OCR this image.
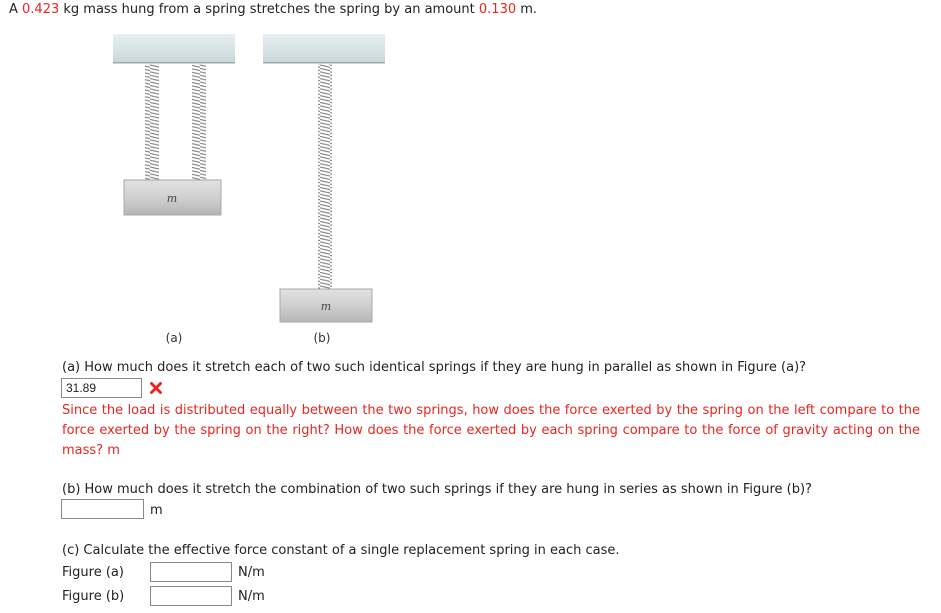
A 0.423 kg mass hung from a spring stretches the spring by an amount 0.130 m.
m
m
(a)	(b)
(a) How much does it stretch each of two such identical springs if they are hung in parallel as shown in Figure (a)?
31.89
Since the load is distributed equally between the two springs, how does the force exerted by the spring on the left compare to the force exerted by the spring on the right? How does the force exerted by each spring compare to the force of gravity acting on the mass? m
(b) How much does it stretch the combination of two such springs if they are hung in series as shown in Figure (b)?
m
(c) Calculate the effective force constant of a single replacement spring in each case.
Figure (a)	N/m
Figure (b)	N/m
